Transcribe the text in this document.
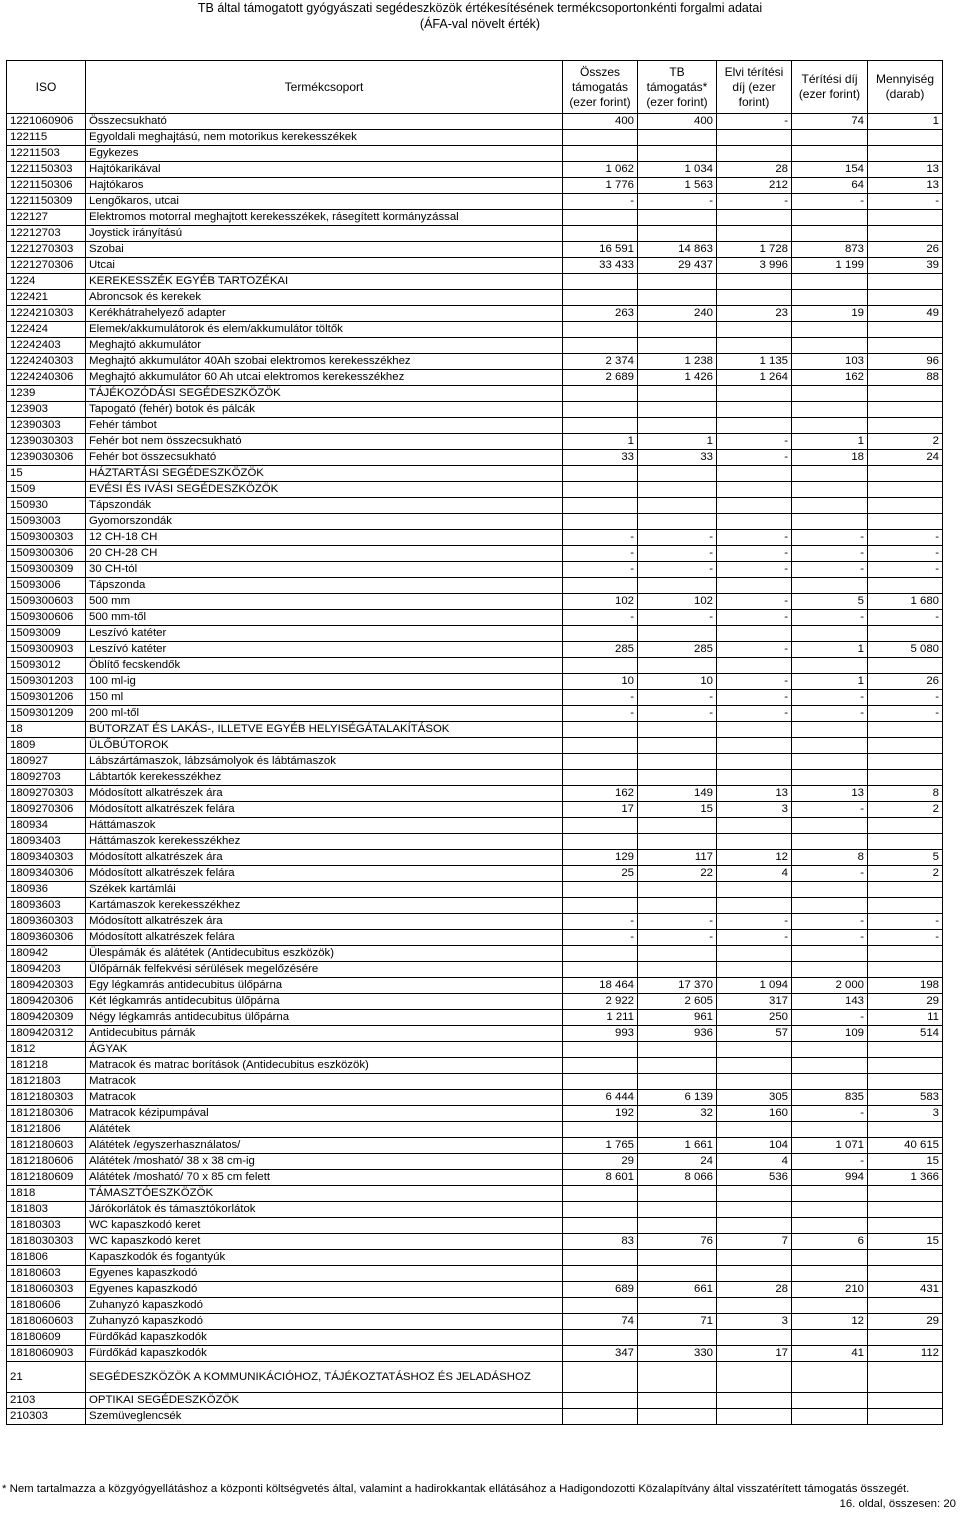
TB által támogatott gyógyászati segédeszközök értékesítésének termékcsoportonkénti forgalmi adatai
(ÁFA-val növelt érték)
ISO	Termékcsoport	Összes támogatás (ezer forint)	TB támogatás* (ezer forint)	Elvi térítési díj (ezer forint)	Térítési díj (ezer forint)	Mennyiség (darab)
1221060906	Összecsukható	400	400	-	74	1
122115	Egyoldali meghajtású, nem motorikus kerekesszékek					
12211503	Egykezes					
1221150303	Hajtókarikával	1 062	1 034	28	154	13
1221150306	Hajtókaros	1 776	1 563	212	64	13
1221150309	Lengőkaros, utcai	-	-	-	-	-
122127	Elektromos motorral meghajtott kerekesszékek, rásegített kormányzással					
12212703	Joystick irányítású					
1221270303	Szobai	16 591	14 863	1 728	873	26
1221270306	Utcai	33 433	29 437	3 996	1 199	39
1224	KEREKESSZÉK EGYÉB TARTOZÉKAI					
122421	Abroncsok és kerekek					
1224210303	Kerékhátrahelyező adapter	263	240	23	19	49
122424	Elemek/akkumulátorok és elem/akkumulátor töltők					
12242403	Meghajtó akkumulátor					
1224240303	Meghajtó akkumulátor 40Ah szobai elektromos kerekesszékhez	2 374	1 238	1 135	103	96
1224240306	Meghajtó akkumulátor 60 Ah utcai elektromos kerekesszékhez	2 689	1 426	1 264	162	88
1239	TÁJÉKOZÓDÁSI SEGÉDESZKÖZÖK					
123903	Tapogató (fehér) botok és pálcák					
12390303	Fehér támbot					
1239030303	Fehér bot nem összecsukható	1	1	-	1	2
1239030306	Fehér bot összecsukható	33	33	-	18	24
15	HÁZTARTÁSI SEGÉDESZKÖZÖK					
1509	EVÉSI ÉS IVÁSI SEGÉDESZKÖZÖK					
150930	Tápszondák					
15093003	Gyomorszondák					
1509300303	12 CH-18 CH	-	-	-	-	-
1509300306	20 CH-28 CH	-	-	-	-	-
1509300309	30 CH-tól	-	-	-	-	-
15093006	Tápszonda					
1509300603	500 mm	102	102	-	5	1 680
1509300606	500 mm-től	-	-	-	-	-
15093009	Leszívó katéter					
1509300903	Leszívó katéter	285	285	-	1	5 080
15093012	Öblítő fecskendők					
1509301203	100 ml-ig	10	10	-	1	26
1509301206	150 ml	-	-	-	-	-
1509301209	200 ml-től	-	-	-	-	-
18	BÚTORZAT ÉS LAKÁS-, ILLETVE EGYÉB HELYISÉGÁTALAKÍTÁSOK					
1809	ÜLŐBÚTOROK					
180927	Lábszártámaszok, lábzsámolyok és lábtámaszok					
18092703	Lábtartók kerekesszékhez					
1809270303	Módosított alkatrészek ára	162	149	13	13	8
1809270306	Módosított alkatrészek felára	17	15	3	-	2
180934	Háttámaszok					
18093403	Háttámaszok kerekesszékhez					
1809340303	Módosított alkatrészek ára	129	117	12	8	5
1809340306	Módosított alkatrészek felára	25	22	4	-	2
180936	Székek kartámlái					
18093603	Kartámaszok kerekesszékhez					
1809360303	Módosított alkatrészek ára	-	-	-	-	-
1809360306	Módosított alkatrészek felára	-	-	-	-	-
180942	Ülespámák és alátétek (Antidecubitus eszközök)					
18094203	Ülőpárnák felfekvési sérülések megelőzésére					
1809420303	Egy légkamrás antidecubitus ülőpárna	18 464	17 370	1 094	2 000	198
1809420306	Két légkamrás antidecubitus ülőpárna	2 922	2 605	317	143	29
1809420309	Négy légkamrás antidecubitus ülőpárna	1 211	961	250	-	11
1809420312	Antidecubitus párnák	993	936	57	109	514
1812	ÁGYAK					
181218	Matracok és matrac borítások (Antidecubitus eszközök)					
18121803	Matracok					
1812180303	Matracok	6 444	6 139	305	835	583
1812180306	Matracok kézipumpával	192	32	160	-	3
18121806	Alátétek					
1812180603	Alátétek /egyszerhasználatos/	1 765	1 661	104	1 071	40 615
1812180606	Alátétek /mosható/ 38 x 38 cm-ig	29	24	4	-	15
1812180609	Alátétek /mosható/ 70 x 85 cm felett	8 601	8 066	536	994	1 366
1818	TÁMASZTÓESZKÖZÖK					
181803	Járókorlátok és támasztókorlátok					
18180303	WC kapaszkodó keret					
1818030303	WC kapaszkodó keret	83	76	7	6	15
181806	Kapaszkodók és fogantyúk					
18180603	Egyenes kapaszkodó					
1818060303	Egyenes kapaszkodó	689	661	28	210	431
18180606	Zuhanyzó kapaszkodó					
1818060603	Zuhanyzó kapaszkodó	74	71	3	12	29
18180609	Fürdőkád kapaszkodók					
1818060903	Fürdőkád kapaszkodók	347	330	17	41	112
21	SEGÉDESZKÖZÖK A KOMMUNIKÁCIÓHOZ, TÁJÉKOZTATÁSHOZ ÉS JELADÁSHOZ					
2103	OPTIKAI SEGÉDESZKÖZÖK					
210303	Szemüveglencsék					
* Nem tartalmazza a közgyógyellátáshoz a központi költségvetés által, valamint a hadirokkantak ellátásához a Hadigondozotti Közalapítvány által visszatérített támogatás összegét.
16. oldal, összesen: 20
